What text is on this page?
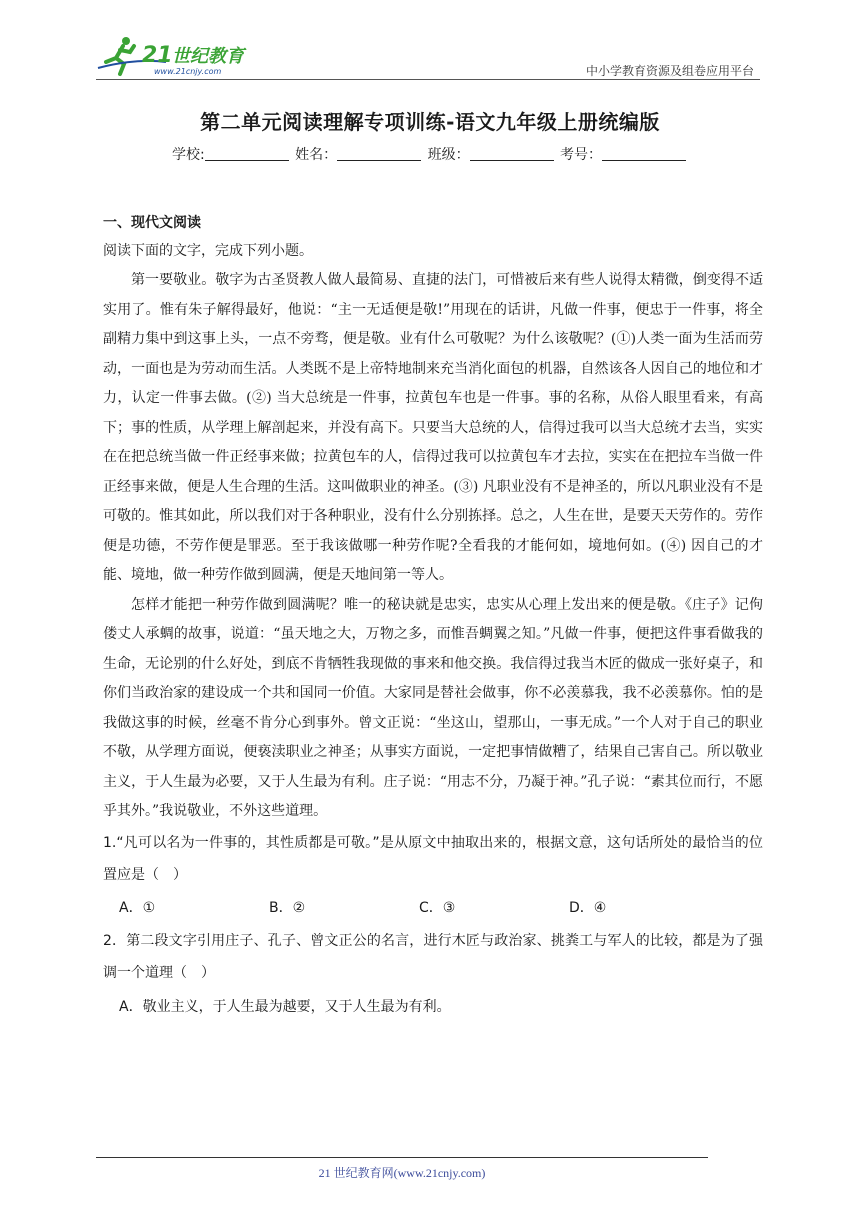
21 世纪教育
www.21cnjy.com	中小学教育资源及组卷应用平台
第二单元阅读理解专项训练-语文九年级上册统编版
学校:	姓名：	班级：	考号：
一、现代文阅读
阅读下面的文字，完成下列小题。

第一要敬业。敬字为古圣贤教人做人最简易、直捷的法门，可惜被后来有些人说得太精微，倒变得不适实用了。惟有朱子解得最好，他说：“主一无适便是敬!”用现在的话讲，凡做一件事，便忠于一件事，将全副精力集中到这事上头，一点不旁骛，便是敬。业有什么可敬呢？为什么该敬呢？(①)人类一面为生活而劳动，一面也是为劳动而生活。人类既不是上帝特地制来充当消化面包的机器，自然该各人因自己的地位和才力，认定一件事去做。(②) 当大总统是一件事，拉黄包车也是一件事。事的名称，从俗人眼里看来，有高下；事的性质，从学理上解剖起来，并没有高下。只要当大总统的人，信得过我可以当大总统才去当，实实在在把总统当做一件正经事来做；拉黄包车的人，信得过我可以拉黄包车才去拉，实实在在把拉车当做一件正经事来做，便是人生合理的生活。这叫做职业的神圣。(③) 凡职业没有不是神圣的，所以凡职业没有不是可敬的。惟其如此，所以我们对于各种职业，没有什么分别拣择。总之，人生在世，是要天天劳作的。劳作便是功德，不劳作便是罪恶。至于我该做哪一种劳作呢?全看我的才能何如，境地何如。(④) 因自己的才能、境地，做一种劳作做到圆满，便是天地间第一等人。

怎样才能把一种劳作做到圆满呢？唯一的秘诀就是忠实，忠实从心理上发出来的便是敬。《庄子》记佝偻丈人承蜩的故事，说道：“虽天地之大，万物之多，而惟吾蜩翼之知。”凡做一件事，便把这件事看做我的生命，无论别的什么好处，到底不肯牺牲我现做的事来和他交换。我信得过我当木匠的做成一张好桌子，和你们当政治家的建设成一个共和国同一价值。大家同是替社会做事，你不必羡慕我，我不必羡慕你。怕的是我做这事的时候，丝毫不肯分心到事外。曾文正说：“坐这山，望那山，一事无成。”一个人对于自己的职业不敬，从学理方面说，便亵渎职业之神圣；从事实方面说，一定把事情做糟了，结果自己害自己。所以敬业主义，于人生最为必要，又于人生最为有利。庄子说：“用志不分，乃凝于神。”孔子说：“素其位而行，不愿乎其外。”我说敬业，不外这些道理。

1.“凡可以名为一件事的，其性质都是可敬。”是从原文中抽取出来的，根据文意，这句话所处的最恰当的位置应是（　）

A．①	B．②	C．③	D．④

2．第二段文字引用庄子、孔子、曾文正公的名言，进行木匠与政治家、挑粪工与军人的比较，都是为了强调一个道理（　）

A．敬业主义，于人生最为越要，又于人生最为有利。
21 世纪教育网(www.21cnjy.com)
